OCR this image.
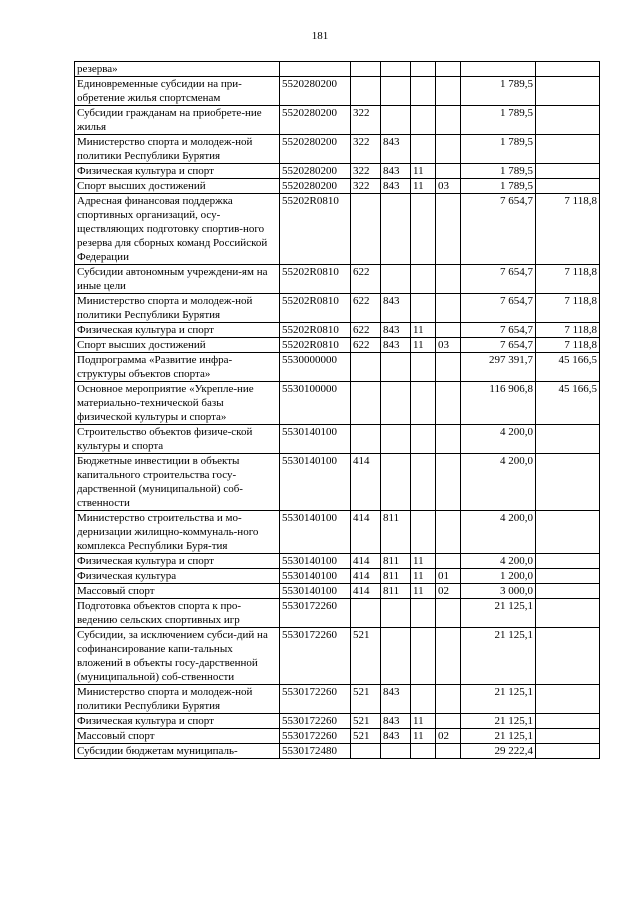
181
резерва»							
Единовременные субсидии на при-обретение жилья спортсменам	5520280200					1 789,5	
Субсидии гражданам на приобрете-ние жилья	5520280200	322				1 789,5	
Министерство спорта и молодеж-ной политики Республики Бурятия	5520280200	322	843			1 789,5	
Физическая культура и спорт	5520280200	322	843	11		1 789,5	
Спорт высших достижений	5520280200	322	843	11	03	1 789,5	
Адресная финансовая поддержка спортивных организаций, осу-ществляющих подготовку спортив-ного резерва для сборных команд Российской Федерации	55202R0810					7 654,7	7 118,8
Субсидии автономным учреждени-ям на иные цели	55202R0810	622				7 654,7	7 118,8
Министерство спорта и молодеж-ной политики Республики Бурятия	55202R0810	622	843			7 654,7	7 118,8
Физическая культура и спорт	55202R0810	622	843	11		7 654,7	7 118,8
Спорт высших достижений	55202R0810	622	843	11	03	7 654,7	7 118,8
Подпрограмма «Развитие инфра-структуры объектов спорта»	5530000000					297 391,7	45 166,5
Основное мероприятие «Укрепле-ние материально-технической базы физической культуры и спорта»	5530100000					116 906,8	45 166,5
Строительство объектов физиче-ской культуры и спорта	5530140100					4 200,0	
Бюджетные инвестиции в объекты капитального строительства госу-дарственной (муниципальной) соб-ственности	5530140100	414				4 200,0	
Министерство строительства и мо-дернизации жилищно-коммуналь-ного комплекса Республики Буря-тия	5530140100	414	811			4 200,0	
Физическая культура и спорт	5530140100	414	811	11		4 200,0	
Физическая культура	5530140100	414	811	11	01	1 200,0	
Массовый спорт	5530140100	414	811	11	02	3 000,0	
Подготовка объектов спорта к про-ведению сельских спортивных игр	5530172260					21 125,1	
Субсидии, за исключением субси-дий на софинансирование капи-тальных вложений в объекты госу-дарственной (муниципальной) соб-ственности	5530172260	521				21 125,1	
Министерство спорта и молодеж-ной политики Республики Бурятия	5530172260	521	843			21 125,1	
Физическая культура и спорт	5530172260	521	843	11		21 125,1	
Массовый спорт	5530172260	521	843	11	02	21 125,1	
Субсидии бюджетам муниципаль-	5530172480					29 222,4	
